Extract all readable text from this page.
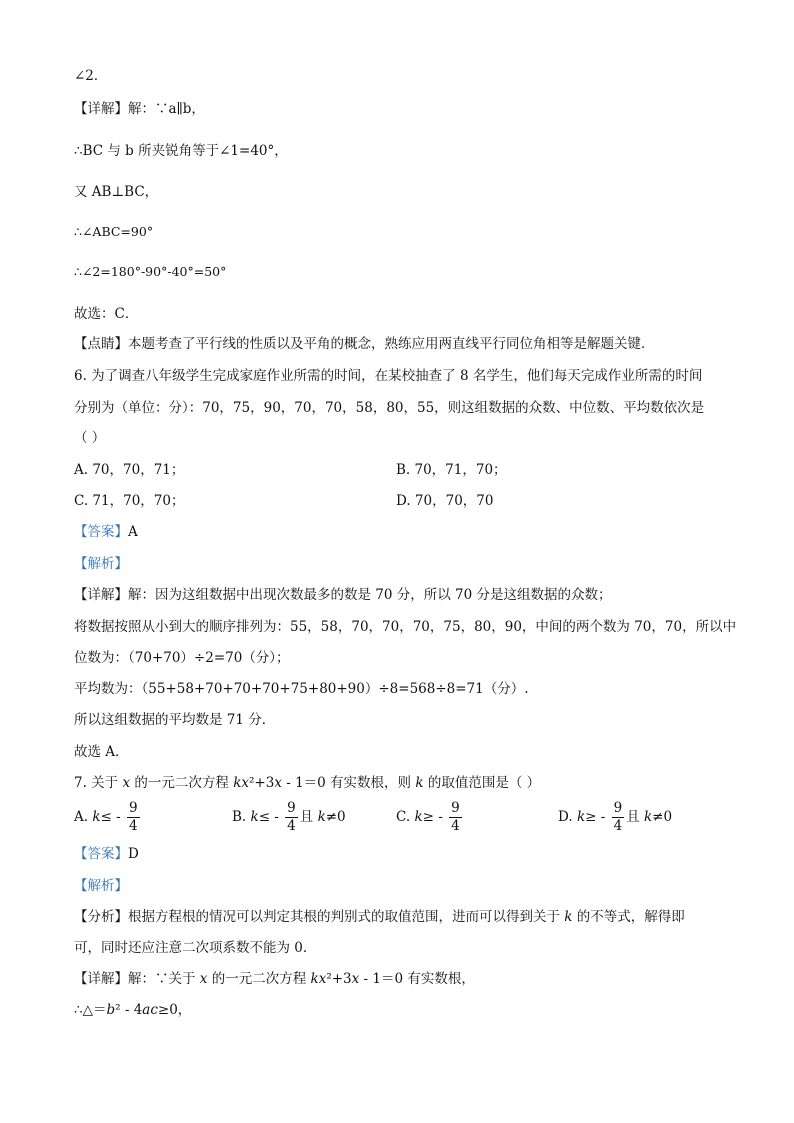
∠2．
【详解】解：∵a∥b，
∴BC 与 b 所夹锐角等于∠1=40°，
又 AB⊥BC，
∴∠ABC=90°
∴∠2=180°-90°-40°=50°
故选：C．
【点睛】本题考查了平行线的性质以及平角的概念，熟练应用两直线平行同位角相等是解题关键．
6. 为了调查八年级学生完成家庭作业所需的时间，在某校抽查了 8 名学生，他们每天完成作业所需的时间
分别为（单位：分）：70，75，90，70，70，58，80，55，则这组数据的众数、中位数、平均数依次是
（ ）
A. 70，70，71；	B. 70，71，70；
C. 71，70，70；	D. 70，70，70
【答案】A
【解析】
【详解】解：因为这组数据中出现次数最多的数是 70 分，所以 70 分是这组数据的众数；
将数据按照从小到大的顺序排列为：55，58，70，70，70，75，80，90，中间的两个数为 70，70，所以中
位数为：（70+70）÷2=70（分）；
平均数为：（55+58+70+70+70+75+80+90）÷8=568÷8=71（分）.
所以这组数据的平均数是 71 分．
故选 A．
7. 关于 x 的一元二次方程 kx²+3x - 1＝0 有实数根，则 k 的取值范围是（ ）
A. $k\le - \frac{9}{4}$	B. $k\le - \frac{9}{4}$ 且 k≠0	C. $k\ge - \frac{9}{4}$	D. $k\ge - \frac{9}{4}$ 且 k≠0
【答案】D
【解析】
【分析】根据方程根的情况可以判定其根的判别式的取值范围，进而可以得到关于 k 的不等式，解得即
可，同时还应注意二次项系数不能为 0.
【详解】解：∵关于 x 的一元二次方程 kx²+3x - 1＝0 有实数根，
∴△＝b² - 4ac≥0，
